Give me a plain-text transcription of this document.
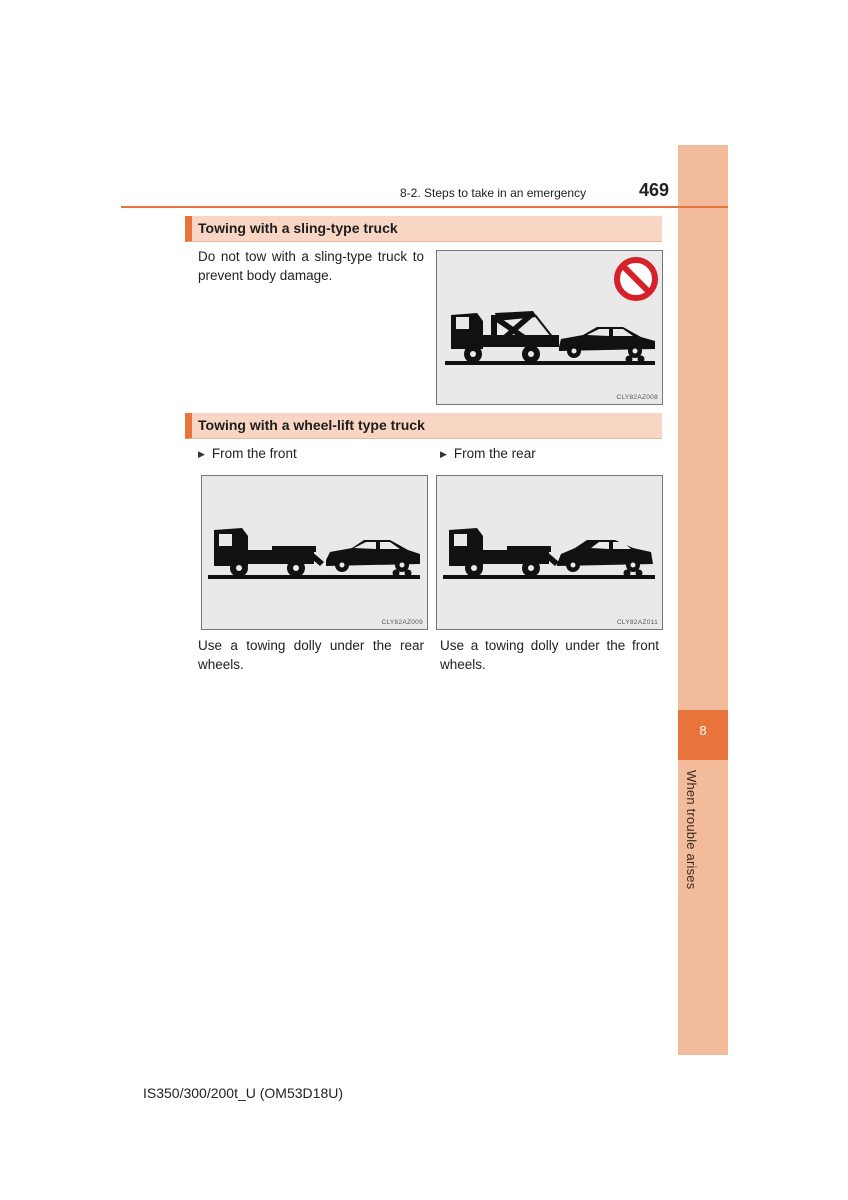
8
When trouble arises
8-2. Steps to take in an emergency	469
Towing with a sling-type truck
Do not tow with a sling-type truck to prevent body damage.
CLY82AZ008
Towing with a wheel-lift type truck
▶ From the front	▶ From the rear
CLY82AZ009	CLY82AZ011
Use a towing dolly under the rear wheels.
Use a towing dolly under the front wheels.
IS350/300/200t_U (OM53D18U)
